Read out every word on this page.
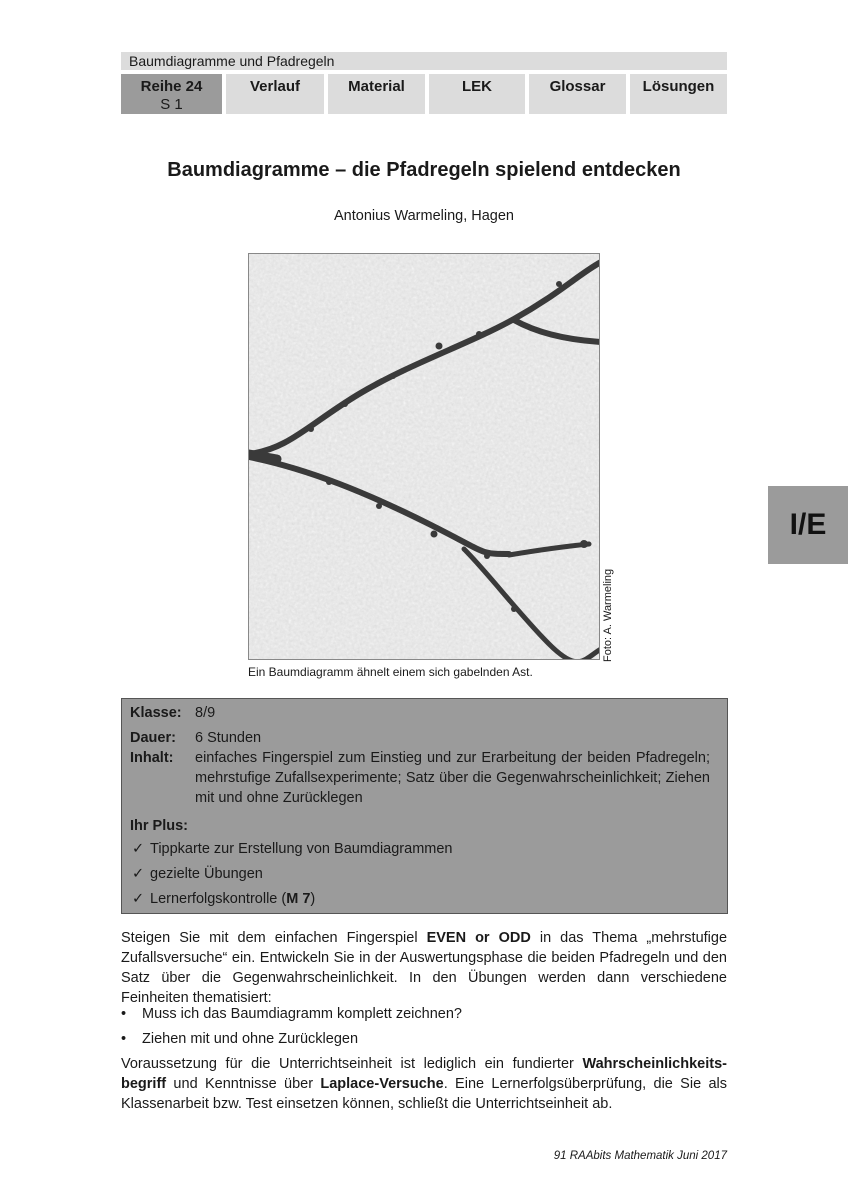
Baumdiagramme und Pfadregeln
Reihe 24
S 1
Verlauf	Material	LEK	Glossar	Lösungen
Baumdiagramme – die Pfadregeln spielend entdecken
Antonius Warmeling, Hagen
Foto: A. Warmeling
Ein Baumdiagramm ähnelt einem sich gabelnden Ast.
I/E
Klasse: 8/9
Dauer: 6 Stunden
Inhalt: einfaches Fingerspiel zum Einstieg und zur Erarbeitung der beiden Pfadregeln; mehrstufige Zufallsexperimente; Satz über die Gegenwahrscheinlichkeit; Ziehen mit und ohne Zurücklegen
Ihr Plus:
✓ Tippkarte zur Erstellung von Baumdiagrammen
✓ gezielte Übungen
✓ Lernerfolgskontrolle (M 7)
Steigen Sie mit dem einfachen Fingerspiel EVEN or ODD in das Thema „mehrstufige Zufallsversuche“ ein. Entwickeln Sie in der Auswertungsphase die beiden Pfadregeln und den Satz über die Gegenwahrscheinlichkeit. In den Übungen werden dann verschiedene Feinheiten thematisiert:
• Muss ich das Baumdiagramm komplett zeichnen?
• Ziehen mit und ohne Zurücklegen
Voraussetzung für die Unterrichtseinheit ist lediglich ein fundierter Wahrscheinlichkeitsbegriff und Kenntnisse über Laplace-Versuche. Eine Lernerfolgsüberprüfung, die Sie als Klassenarbeit bzw. Test einsetzen können, schließt die Unterrichtseinheit ab.
91 RAAbits Mathematik Juni 2017
